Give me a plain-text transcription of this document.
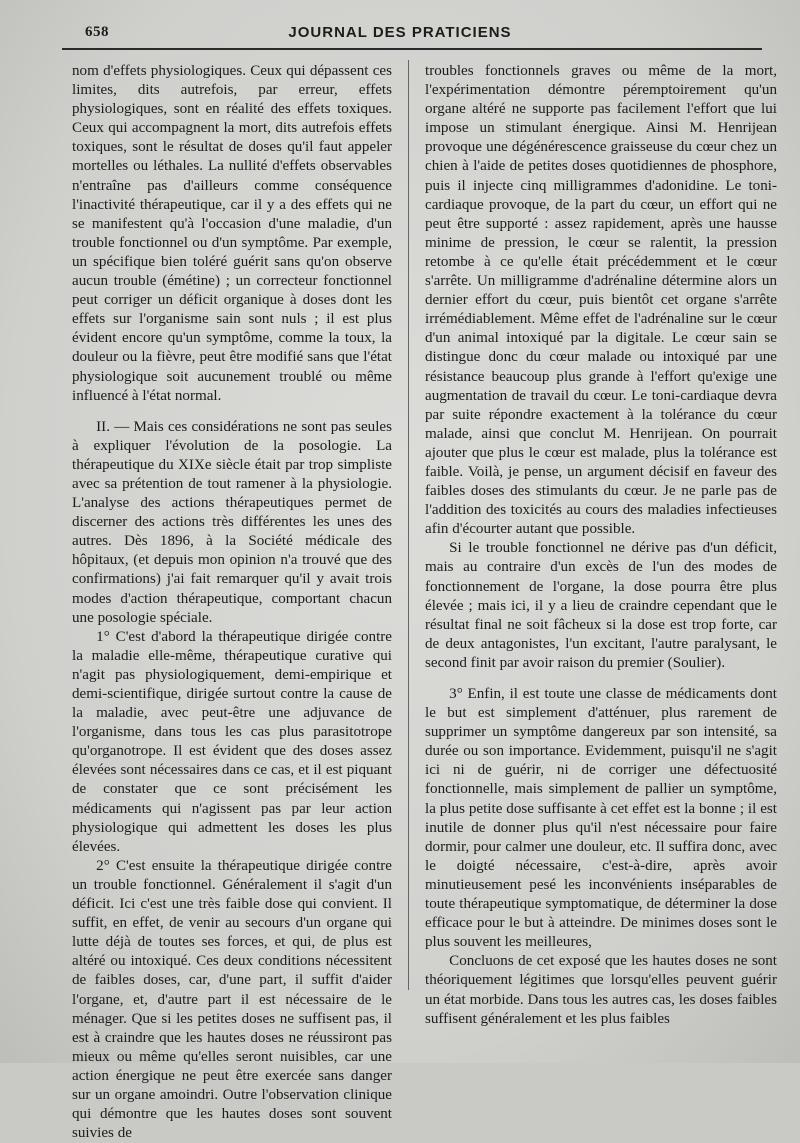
658	JOURNAL DES PRATICIENS

nom d'effets physiologiques. Ceux qui dépassent ces limites, dits autrefois, par erreur, effets physiologiques, sont en réalité des effets toxiques. Ceux qui accompagnent la mort, dits autrefois effets toxiques, sont le résultat de doses qu'il faut appeler mortelles ou léthales. La nullité d'effets observables n'entraîne pas d'ailleurs comme conséquence l'inactivité thérapeutique, car il y a des effets qui ne se manifestent qu'à l'occasion d'une maladie, d'un trouble fonctionnel ou d'un symptôme. Par exemple, un spécifique bien toléré guérit sans qu'on observe aucun trouble (émétine) ; un correcteur fonctionnel peut corriger un déficit organique à doses dont les effets sur l'organisme sain sont nuls ; il est plus évident encore qu'un symptôme, comme la toux, la douleur ou la fièvre, peut être modifié sans que l'état physiologique soit aucunement troublé ou même influencé à l'état normal.

II. — Mais ces considérations ne sont pas seules à expliquer l'évolution de la posologie. La thérapeutique du XIXe siècle était par trop simpliste avec sa prétention de tout ramener à la physiologie. L'analyse des actions thérapeutiques permet de discerner des actions très différentes les unes des autres. Dès 1896, à la Société médicale des hôpitaux, (et depuis mon opinion n'a trouvé que des confirmations) j'ai fait remarquer qu'il y avait trois modes d'action thérapeutique, comportant chacun une posologie spéciale.

1° C'est d'abord la thérapeutique dirigée contre la maladie elle-même, thérapeutique curative qui n'agit pas physiologiquement, demi-empirique et demi-scientifique, dirigée surtout contre la cause de la maladie, avec peut-être une adjuvance de l'organisme, dans tous les cas plus parasitotrope qu'organotrope. Il est évident que des doses assez élevées sont nécessaires dans ce cas, et il est piquant de constater que ce sont précisément les médicaments qui n'agissent pas par leur action physiologique qui admettent les doses les plus élevées.

2° C'est ensuite la thérapeutique dirigée contre un trouble fonctionnel. Généralement il s'agit d'un déficit. Ici c'est une très faible dose qui convient. Il suffit, en effet, de venir au secours d'un organe qui lutte déjà de toutes ses forces, et qui, de plus est altéré ou intoxiqué. Ces deux conditions nécessitent de faibles doses, car, d'une part, il suffit d'aider l'organe, et, d'autre part il est nécessaire de le ménager. Que si les petites doses ne suffisent pas, il est à craindre que les hautes doses ne réussiront pas mieux ou même qu'elles seront nuisibles, car une action énergique ne peut être exercée sans danger sur un organe amoindri. Outre l'observation clinique qui démontre que les hautes doses sont souvent suivies de

troubles fonctionnels graves ou même de la mort, l'expérimentation démontre péremptoirement qu'un organe altéré ne supporte pas facilement l'effort que lui impose un stimulant énergique. Ainsi M. Henrijean provoque une dégénérescence graisseuse du cœur chez un chien à l'aide de petites doses quotidiennes de phosphore, puis il injecte cinq milligrammes d'adonidine. Le toni-cardiaque provoque, de la part du cœur, un effort qui ne peut être supporté : assez rapidement, après une hausse minime de pression, le cœur se ralentit, la pression retombe à ce qu'elle était précédemment et le cœur s'arrête. Un milligramme d'adrénaline détermine alors un dernier effort du cœur, puis bientôt cet organe s'arrête irrémédiablement. Même effet de l'adrénaline sur le cœur d'un animal intoxiqué par la digitale. Le cœur sain se distingue donc du cœur malade ou intoxiqué par une résistance beaucoup plus grande à l'effort qu'exige une augmentation de travail du cœur. Le toni-cardiaque devra par suite répondre exactement à la tolérance du cœur malade, ainsi que conclut M. Henrijean. On pourrait ajouter que plus le cœur est malade, plus la tolérance est faible. Voilà, je pense, un argument décisif en faveur des faibles doses des stimulants du cœur. Je ne parle pas de l'addition des toxicités au cours des maladies infectieuses afin d'écourter autant que possible.

Si le trouble fonctionnel ne dérive pas d'un déficit, mais au contraire d'un excès de l'un des modes de fonctionnement de l'organe, la dose pourra être plus élevée ; mais ici, il y a lieu de craindre cependant que le résultat final ne soit fâcheux si la dose est trop forte, car de deux antagonistes, l'un excitant, l'autre paralysant, le second finit par avoir raison du premier (Soulier).

3° Enfin, il est toute une classe de médicaments dont le but est simplement d'atténuer, plus rarement de supprimer un symptôme dangereux par son intensité, sa durée ou son importance. Evidemment, puisqu'il ne s'agit ici ni de guérir, ni de corriger une défectuosité fonctionnelle, mais simplement de pallier un symptôme, la plus petite dose suffisante à cet effet est la bonne ; il est inutile de donner plus qu'il n'est nécessaire pour faire dormir, pour calmer une douleur, etc. Il suffira donc, avec le doigté nécessaire, c'est-à-dire, après avoir minutieusement pesé les inconvénients inséparables de toute thérapeutique symptomatique, de déterminer la dose efficace pour le but à atteindre. De minimes doses sont le plus souvent les meilleures,

Concluons de cet exposé que les hautes doses ne sont théoriquement légitimes que lorsqu'elles peuvent guérir un état morbide. Dans tous les autres cas, les doses faibles suffisent généralement et les plus faibles
